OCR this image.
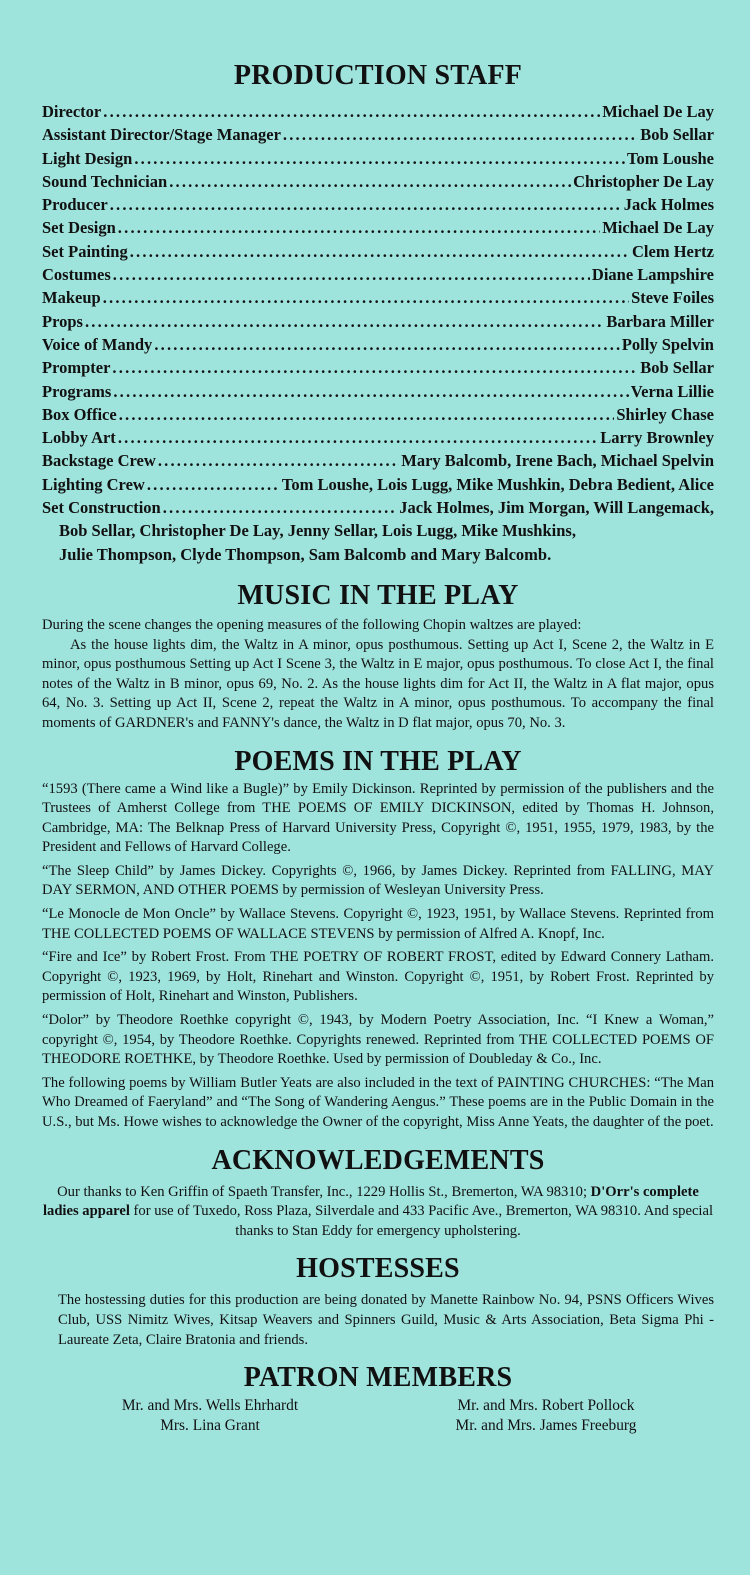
PRODUCTION STAFF
Director .....	Michael De Lay
Assistant Director/Stage Manager .....	Bob Sellar
Light Design .....	Tom Loushe
Sound Technician .....	Christopher De Lay
Producer .....	Jack Holmes
Set Design .....	Michael De Lay
Set Painting .....	Clem Hertz
Costumes .....	Diane Lampshire
Makeup .....	Steve Foiles
Props .....	Barbara Miller
Voice of Mandy .....	Polly Spelvin
Prompter .....	Bob Sellar
Programs .....	Verna Lillie
Box Office .....	Shirley Chase
Lobby Art .....	Larry Brownley
Backstage Crew .....	Mary Balcomb, Irene Bach, Michael Spelvin
Lighting Crew .....	Tom Loushe, Lois Lugg, Mike Mushkin, Debra Bedient, Alice
Set Construction .....	Jack Holmes, Jim Morgan, Will Langemack,
Bob Sellar, Christopher De Lay, Jenny Sellar, Lois Lugg, Mike Mushkins,
Julie Thompson, Clyde Thompson, Sam Balcomb and Mary Balcomb.
MUSIC IN THE PLAY

During the scene changes the opening measures of the following Chopin waltzes are played:

As the house lights dim, the Waltz in A minor, opus posthumous. Setting up Act I, Scene 2, the Waltz in E minor, opus posthumous Setting up Act I Scene 3, the Waltz in E major, opus posthumous. To close Act I, the final notes of the Waltz in B minor, opus 69, No. 2. As the house lights dim for Act II, the Waltz in A flat major, opus 64, No. 3. Setting up Act II, Scene 2, repeat the Waltz in A minor, opus posthumous. To accompany the final moments of GARDNER's and FANNY's dance, the Waltz in D flat major, opus 70, No. 3.

POEMS IN THE PLAY

“1593 (There came a Wind like a Bugle)” by Emily Dickinson. Reprinted by permission of the publishers and the Trustees of Amherst College from THE POEMS OF EMILY DICKINSON, edited by Thomas H. Johnson, Cambridge, MA: The Belknap Press of Harvard University Press, Copyright ©, 1951, 1955, 1979, 1983, by the President and Fellows of Harvard College.

“The Sleep Child” by James Dickey. Copyrights ©, 1966, by James Dickey. Reprinted from FALLING, MAY DAY SERMON, AND OTHER POEMS by permission of Wesleyan University Press.

“Le Monocle de Mon Oncle” by Wallace Stevens. Copyright ©, 1923, 1951, by Wallace Stevens. Reprinted from THE COLLECTED POEMS OF WALLACE STEVENS by permission of Alfred A. Knopf, Inc.

“Fire and Ice” by Robert Frost. From THE POETRY OF ROBERT FROST, edited by Edward Connery Latham. Copyright ©, 1923, 1969, by Holt, Rinehart and Winston. Copyright ©, 1951, by Robert Frost. Reprinted by permission of Holt, Rinehart and Winston, Publishers.

“Dolor” by Theodore Roethke copyright ©, 1943, by Modern Poetry Association, Inc. “I Knew a Woman,” copyright ©, 1954, by Theodore Roethke. Copyrights renewed. Reprinted from THE COLLECTED POEMS OF THEODORE ROETHKE, by Theodore Roethke. Used by permission of Doubleday & Co., Inc.

The following poems by William Butler Yeats are also included in the text of PAINTING CHURCHES: “The Man Who Dreamed of Faeryland” and “The Song of Wandering Aengus.” These poems are in the Public Domain in the U.S., but Ms. Howe wishes to acknowledge the Owner of the copyright, Miss Anne Yeats, the daughter of the poet.

ACKNOWLEDGEMENTS

Our thanks to Ken Griffin of Spaeth Transfer, Inc., 1229 Hollis St., Bremerton, WA 98310; D'Orr's complete ladies apparel for use of Tuxedo, Ross Plaza, Silverdale and 433 Pacific Ave., Bremerton, WA 98310. And special thanks to Stan Eddy for emergency upholstering.

HOSTESSES

The hostessing duties for this production are being donated by Manette Rainbow No. 94, PSNS Officers Wives Club, USS Nimitz Wives, Kitsap Weavers and Spinners Guild, Music & Arts Association, Beta Sigma Phi - Laureate Zeta, Claire Bratonia and friends.

PATRON MEMBERS
Mr. and Mrs. Wells Ehrhardt	Mr. and Mrs. Robert Pollock
Mrs. Lina Grant	Mr. and Mrs. James Freeburg
